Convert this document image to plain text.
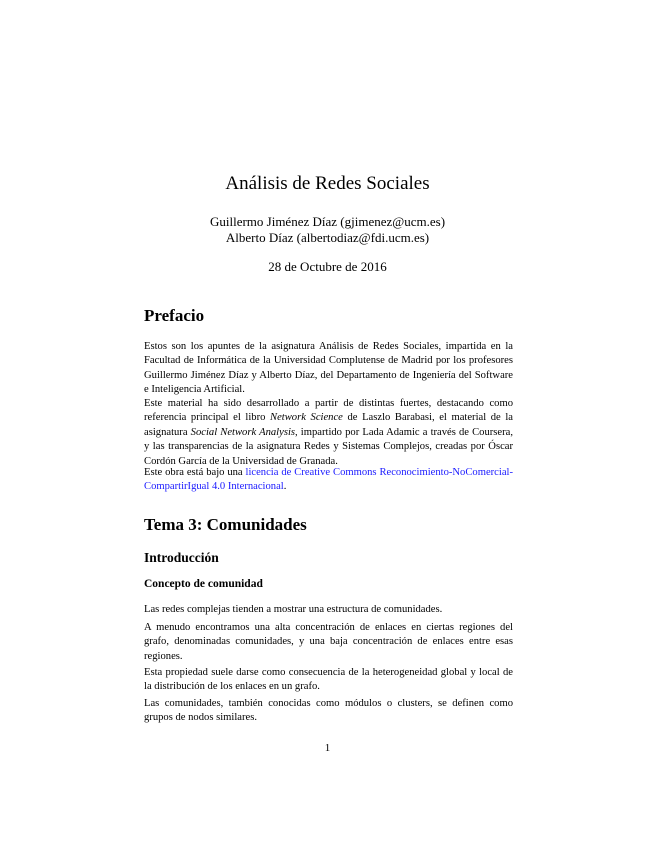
Análisis de Redes Sociales
Guillermo Jiménez Díaz (gjimenez@ucm.es)
Alberto Díaz (albertodiaz@fdi.ucm.es)
28 de Octubre de 2016
Prefacio
Estos son los apuntes de la asignatura Análisis de Redes Sociales, impartida en la Facultad de Informática de la Universidad Complutense de Madrid por los profesores Guillermo Jiménez Díaz y Alberto Díaz, del Departamento de Ingeniería del Software e Inteligencia Artificial.
Este material ha sido desarrollado a partir de distintas fuertes, destacando como referencia principal el libro Network Science de Laszlo Barabasi, el material de la asignatura Social Network Analysis, impartido por Lada Adamic a través de Coursera, y las transparencias de la asignatura Redes y Sistemas Complejos, creadas por Óscar Cordón García de la Universidad de Granada.
Este obra está bajo una licencia de Creative Commons Reconocimiento-NoComercial-CompartirIgual 4.0 Internacional.
Tema 3: Comunidades
Introducción
Concepto de comunidad
Las redes complejas tienden a mostrar una estructura de comunidades.
A menudo encontramos una alta concentración de enlaces en ciertas regiones del grafo, denominadas comunidades, y una baja concentración de enlaces entre esas regiones.
Esta propiedad suele darse como consecuencia de la heterogeneidad global y local de la distribución de los enlaces en un grafo.
Las comunidades, también conocidas como módulos o clusters, se definen como grupos de nodos similares.
1
